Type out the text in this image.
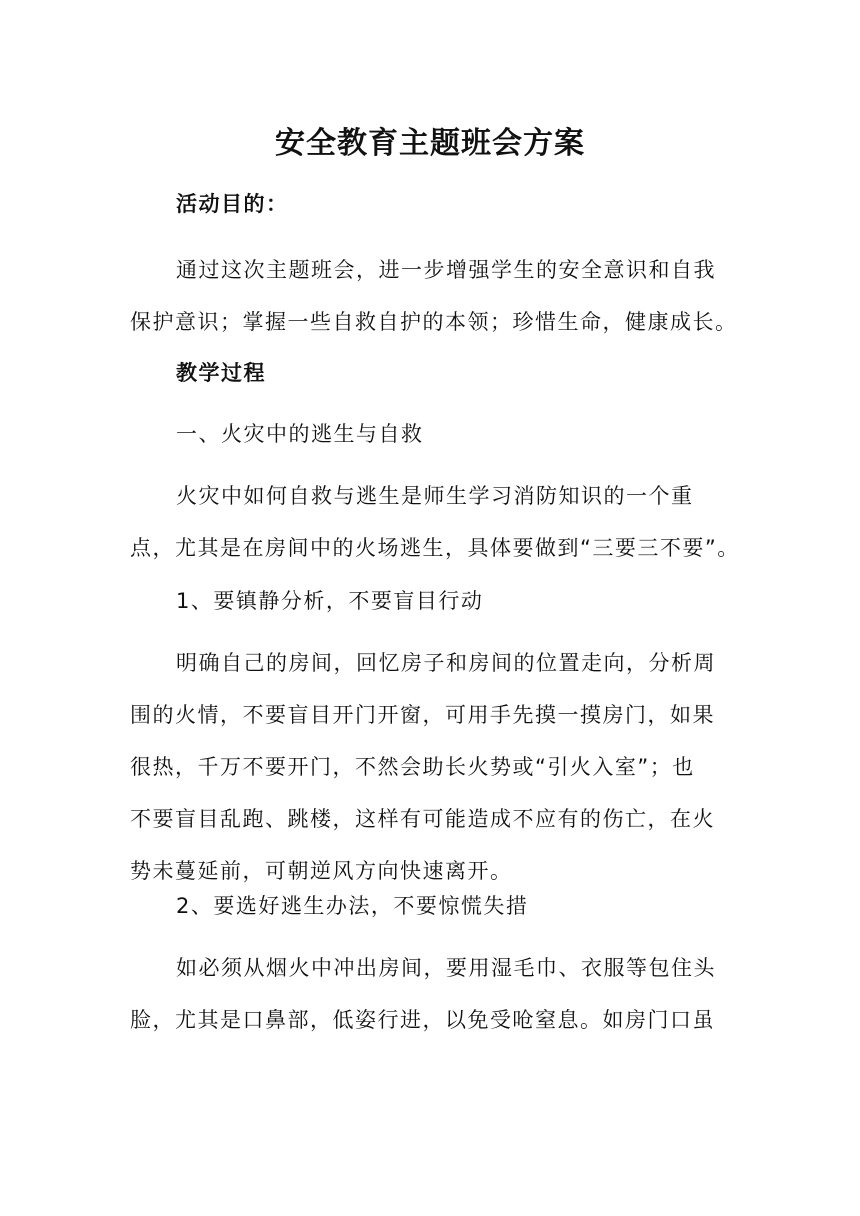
安全教育主题班会方案
活动目的：
通过这次主题班会，进一步增强学生的安全意识和自我
保护意识；掌握一些自救自护的本领；珍惜生命，健康成长。
教学过程
一、火灾中的逃生与自救
火灾中如何自救与逃生是师生学习消防知识的一个重
点，尤其是在房间中的火场逃生，具体要做到“三要三不要”。
1、要镇静分析，不要盲目行动
明确自己的房间，回忆房子和房间的位置走向，分析周
围的火情，不要盲目开门开窗，可用手先摸一摸房门，如果
很热，千万不要开门，不然会助长火势或“引火入室”；也
不要盲目乱跑、跳楼，这样有可能造成不应有的伤亡，在火
势未蔓延前，可朝逆风方向快速离开。
2、要选好逃生办法，不要惊慌失措
如必须从烟火中冲出房间，要用湿毛巾、衣服等包住头
脸，尤其是口鼻部，低姿行进，以免受呛窒息。如房门口虽
